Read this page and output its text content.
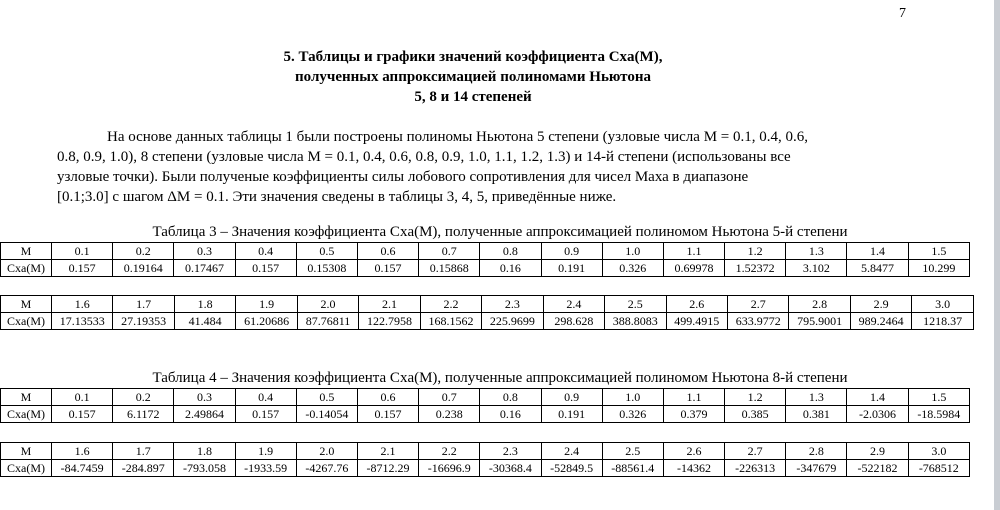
7
5. Таблицы и графики значений коэффициента Cxa(M),
полученных аппроксимацией полиномами Ньютона
5, 8 и 14 степеней
На основе данных таблицы 1 были построены полиномы Ньютона 5 степени (узловые числа M = 0.1, 0.4, 0.6,
0.8, 0.9, 1.0), 8 степени (узловые числа M = 0.1, 0.4, 0.6, 0.8, 0.9, 1.0, 1.1, 1.2, 1.3) и 14-й степени (использованы все
узловые точки). Были полученые коэффициенты силы лобового сопротивления для чисел Маха в диапазоне
[0.1;3.0] с шагом ΔM = 0.1. Эти значения сведены в таблицы 3, 4, 5, приведённые ниже.
Таблица 3 – Значения коэффициента Cxa(M), полученные аппроксимацией полиномом Ньютона 5-й степени
M	0.1	0.2	0.3	0.4	0.5	0.6	0.7	0.8	0.9	1.0	1.1	1.2	1.3	1.4	1.5
Cxa(M)	0.157	0.19164	0.17467	0.157	0.15308	0.157	0.15868	0.16	0.191	0.326	0.69978	1.52372	3.102	5.8477	10.299
M	1.6	1.7	1.8	1.9	2.0	2.1	2.2	2.3	2.4	2.5	2.6	2.7	2.8	2.9	3.0
Cxa(M)	17.13533	27.19353	41.484	61.20686	87.76811	122.7958	168.1562	225.9699	298.628	388.8083	499.4915	633.9772	795.9001	989.2464	1218.37
Таблица 4 – Значения коэффициента Cxa(M), полученные аппроксимацией полиномом Ньютона 8-й степени
M	0.1	0.2	0.3	0.4	0.5	0.6	0.7	0.8	0.9	1.0	1.1	1.2	1.3	1.4	1.5
Cxa(M)	0.157	6.1172	2.49864	0.157	-0.14054	0.157	0.238	0.16	0.191	0.326	0.379	0.385	0.381	-2.0306	-18.5984
M	1.6	1.7	1.8	1.9	2.0	2.1	2.2	2.3	2.4	2.5	2.6	2.7	2.8	2.9	3.0
Cxa(M)	-84.7459	-284.897	-793.058	-1933.59	-4267.76	-8712.29	-16696.9	-30368.4	-52849.5	-88561.4	-14362	-226313	-347679	-522182	-768512
